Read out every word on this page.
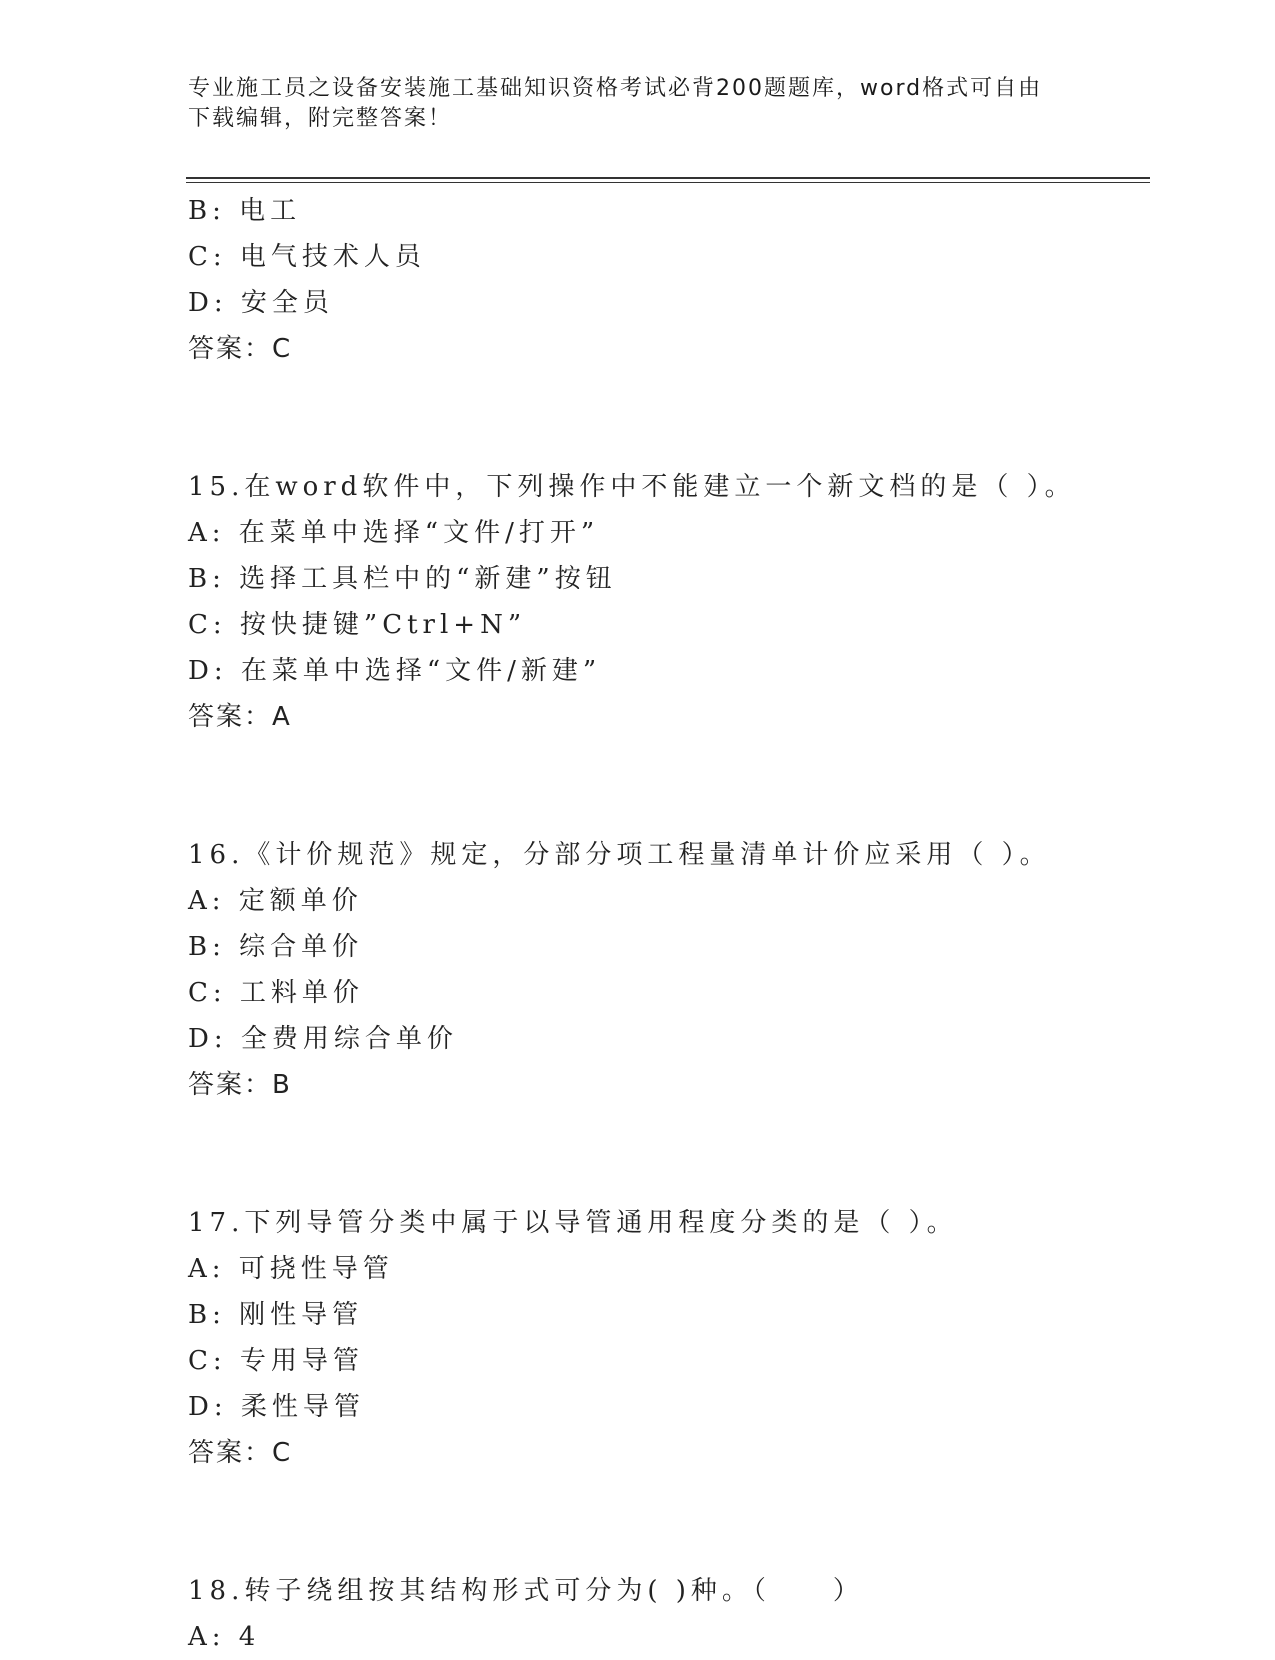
专业施工员之设备安装施工基础知识资格考试必背200题题库，word格式可自由
下载编辑，附完整答案！
B: 电工
C: 电气技术人员
D: 安全员
答案：C
15.在word软件中，下列操作中不能建立一个新文档的是（ ）。
A: 在菜单中选择“文件/打开”
B: 选择工具栏中的“新建”按钮
C: 按快捷键”Ctrl+N”
D: 在菜单中选择“文件/新建”
答案：A
16.《计价规范》规定，分部分项工程量清单计价应采用（ ）。
A: 定额单价
B: 综合单价
C: 工料单价
D: 全费用综合单价
答案：B
17.下列导管分类中属于以导管通用程度分类的是（ ）。
A: 可挠性导管
B: 刚性导管
C: 专用导管
D: 柔性导管
答案：C
18.转子绕组按其结构形式可分为( )种。（　　）
A: 4
